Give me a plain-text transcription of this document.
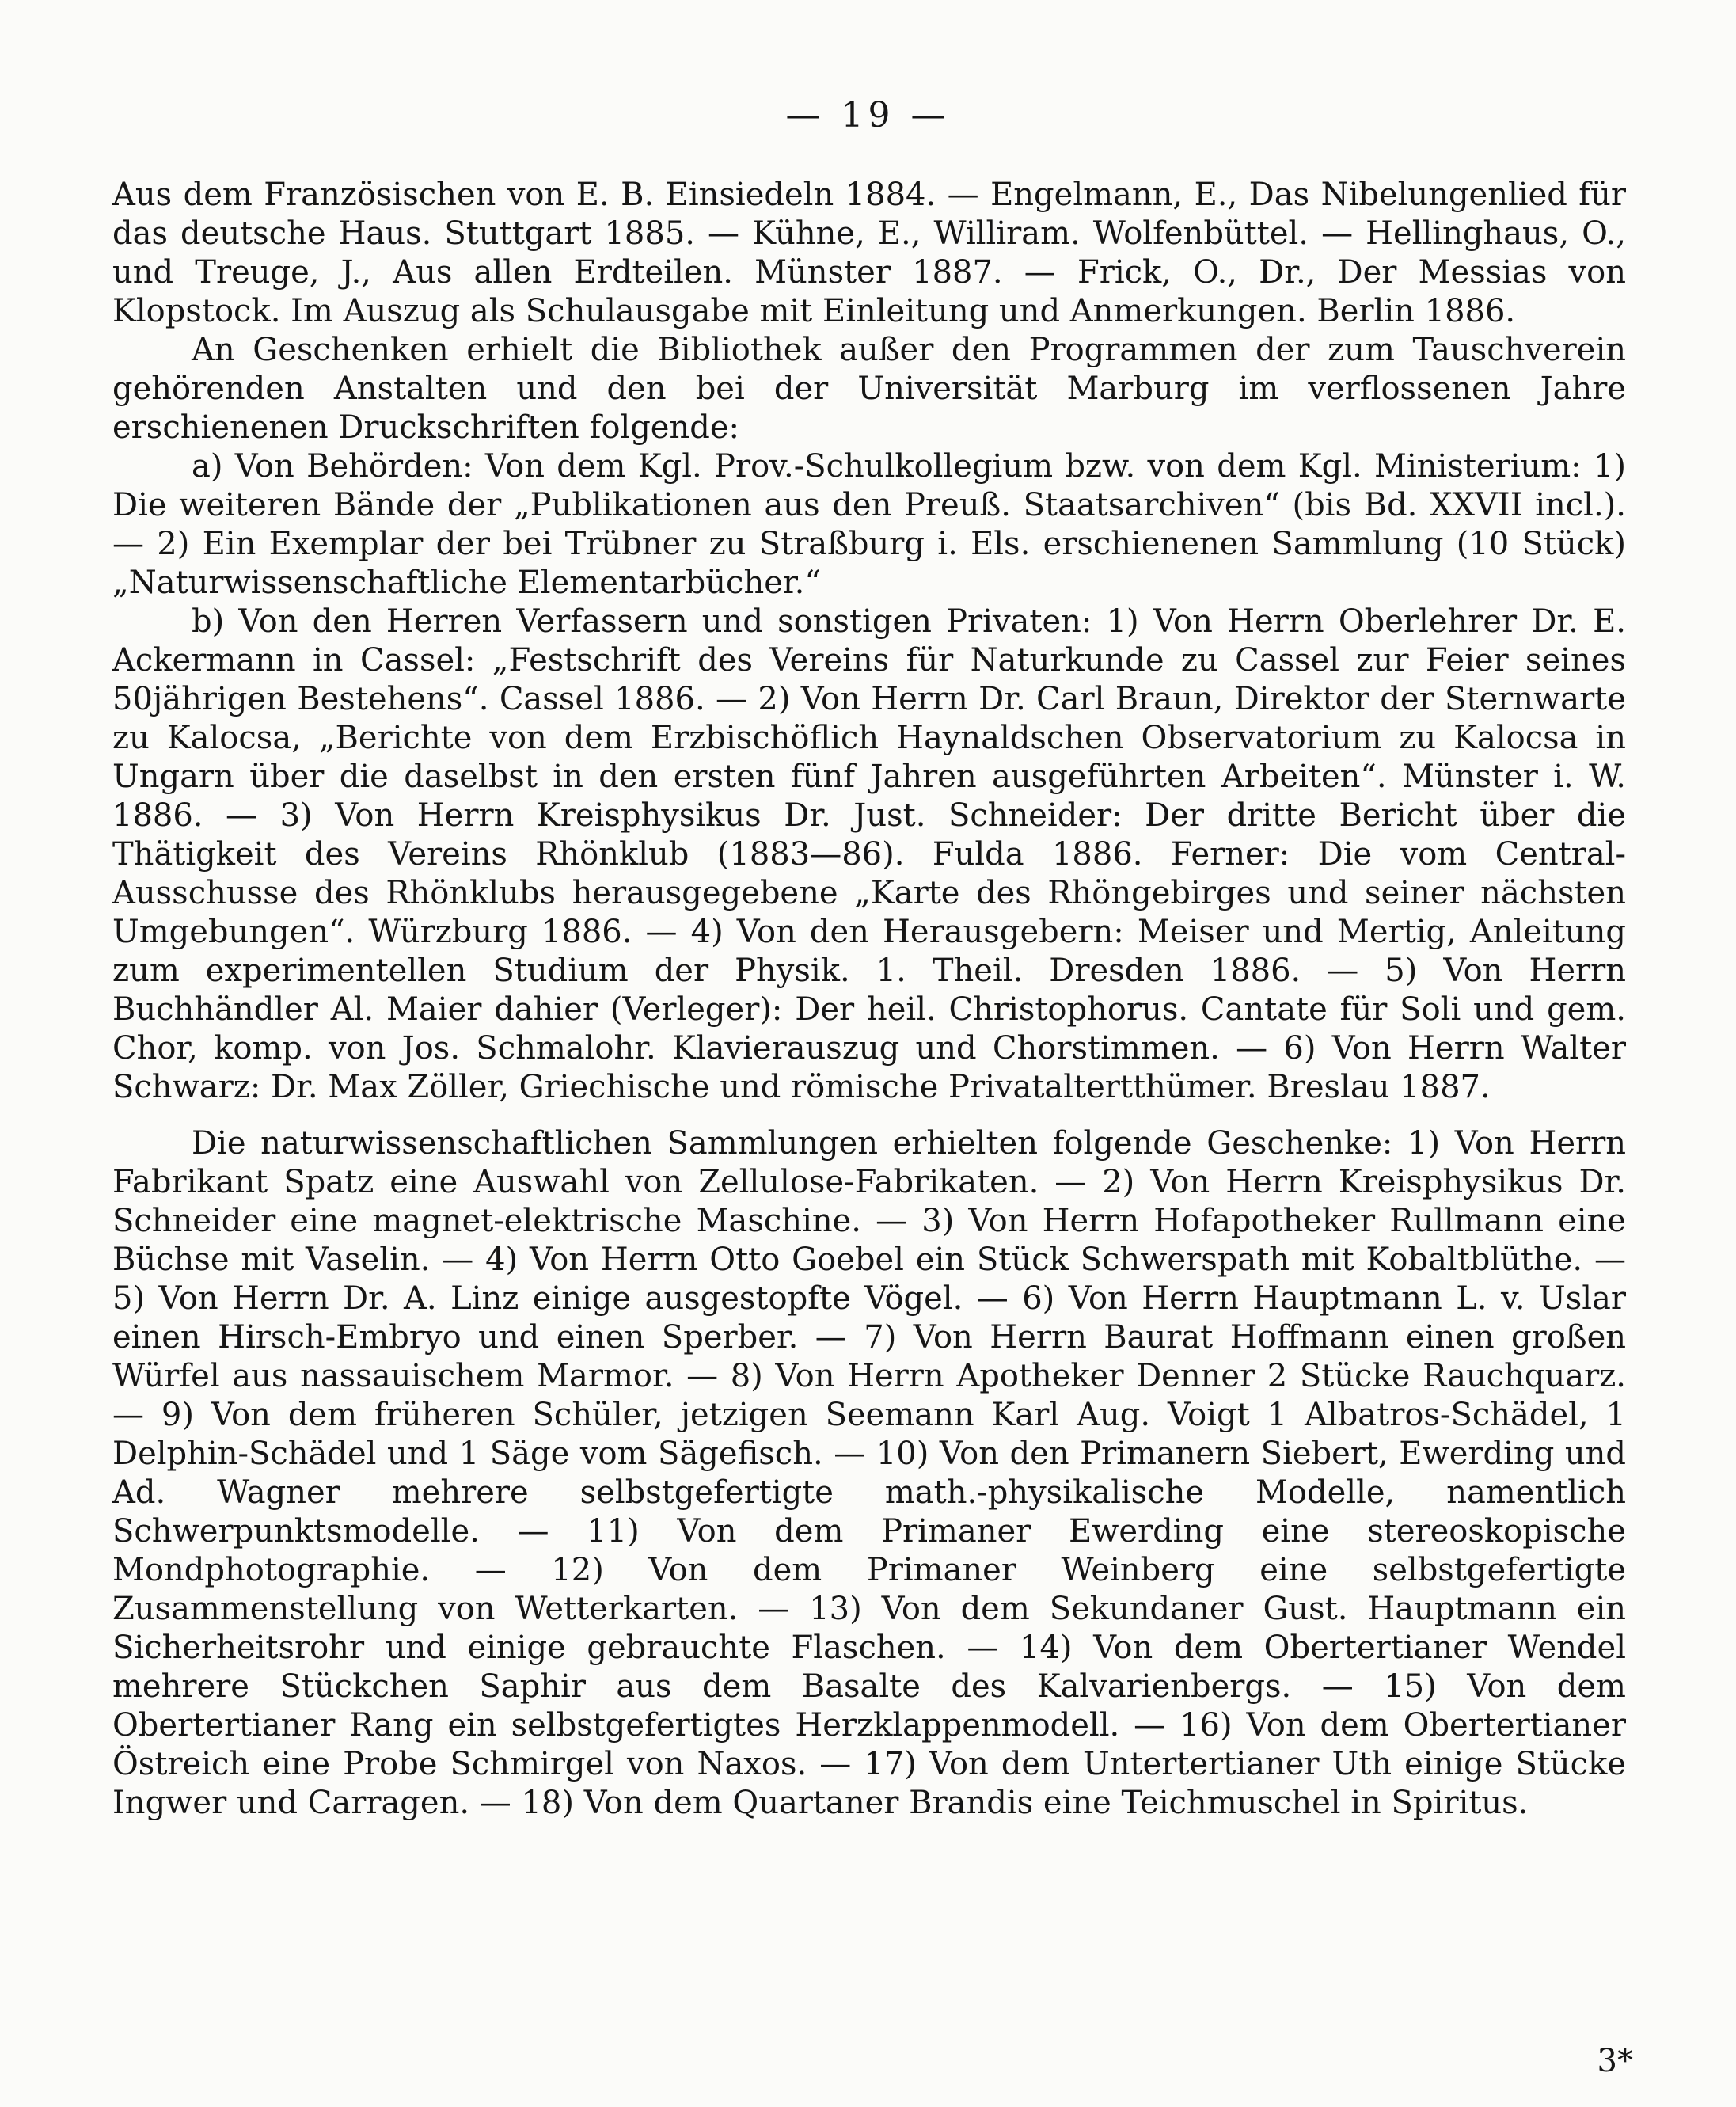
— 19 —

Aus dem Französischen von E. B. Einsiedeln 1884. — Engelmann, E., Das Nibelungenlied für das deutsche Haus. Stuttgart 1885. — Kühne, E., Williram. Wolfenbüttel. — Hellinghaus, O., und Treuge, J., Aus allen Erdteilen. Münster 1887. — Frick, O., Dr., Der Messias von Klopstock. Im Auszug als Schulausgabe mit Einleitung und Anmerkungen. Berlin 1886.

An Geschenken erhielt die Bibliothek außer den Programmen der zum Tauschverein gehörenden Anstalten und den bei der Universität Marburg im verflossenen Jahre erschienenen Druckschriften folgende:

a) Von Behörden: Von dem Kgl. Prov.-Schulkollegium bzw. von dem Kgl. Ministerium: 1) Die weiteren Bände der „Publikationen aus den Preuß. Staatsarchiven“ (bis Bd. XXVII incl.). — 2) Ein Exemplar der bei Trübner zu Straßburg i. Els. erschienenen Sammlung (10 Stück) „Naturwissenschaftliche Elementarbücher.“

b) Von den Herren Verfassern und sonstigen Privaten: 1) Von Herrn Oberlehrer Dr. E. Ackermann in Cassel: „Festschrift des Vereins für Naturkunde zu Cassel zur Feier seines 50jährigen Bestehens“. Cassel 1886. — 2) Von Herrn Dr. Carl Braun, Direktor der Sternwarte zu Kalocsa, „Berichte von dem Erzbischöflich Haynaldschen Observatorium zu Kalocsa in Ungarn über die daselbst in den ersten fünf Jahren ausgeführten Arbeiten“. Münster i. W. 1886. — 3) Von Herrn Kreisphysikus Dr. Just. Schneider: Der dritte Bericht über die Thätigkeit des Vereins Rhönklub (1883—86). Fulda 1886. Ferner: Die vom Central-Ausschusse des Rhönklubs herausgegebene „Karte des Rhöngebirges und seiner nächsten Umgebungen“. Würzburg 1886. — 4) Von den Herausgebern: Meiser und Mertig, Anleitung zum experimentellen Studium der Physik. 1. Theil. Dresden 1886. — 5) Von Herrn Buchhändler Al. Maier dahier (Verleger): Der heil. Christophorus. Cantate für Soli und gem. Chor, komp. von Jos. Schmalohr. Klavierauszug und Chorstimmen. — 6) Von Herrn Walter Schwarz: Dr. Max Zöller, Griechische und römische Privataltertthümer. Breslau 1887.

Die naturwissenschaftlichen Sammlungen erhielten folgende Geschenke: 1) Von Herrn Fabrikant Spatz eine Auswahl von Zellulose-Fabrikaten. — 2) Von Herrn Kreisphysikus Dr. Schneider eine magnet-elektrische Maschine. — 3) Von Herrn Hofapotheker Rullmann eine Büchse mit Vaselin. — 4) Von Herrn Otto Goebel ein Stück Schwerspath mit Kobaltblüthe. — 5) Von Herrn Dr. A. Linz einige ausgestopfte Vögel. — 6) Von Herrn Hauptmann L. v. Uslar einen Hirsch-Embryo und einen Sperber. — 7) Von Herrn Baurat Hoffmann einen großen Würfel aus nassauischem Marmor. — 8) Von Herrn Apotheker Denner 2 Stücke Rauchquarz. — 9) Von dem früheren Schüler, jetzigen Seemann Karl Aug. Voigt 1 Albatros-Schädel, 1 Delphin-Schädel und 1 Säge vom Sägefisch. — 10) Von den Primanern Siebert, Ewerding und Ad. Wagner mehrere selbstgefertigte math.-physikalische Modelle, namentlich Schwerpunktsmodelle. — 11) Von dem Primaner Ewerding eine stereoskopische Mondphotographie. — 12) Von dem Primaner Weinberg eine selbstgefertigte Zusammenstellung von Wetterkarten. — 13) Von dem Sekundaner Gust. Hauptmann ein Sicherheitsrohr und einige gebrauchte Flaschen. — 14) Von dem Obertertianer Wendel mehrere Stückchen Saphir aus dem Basalte des Kalvarienbergs. — 15) Von dem Obertertianer Rang ein selbstgefertigtes Herzklappenmodell. — 16) Von dem Obertertianer Östreich eine Probe Schmirgel von Naxos. — 17) Von dem Untertertianer Uth einige Stücke Ingwer und Carragen. — 18) Von dem Quartaner Brandis eine Teichmuschel in Spiritus.

3*
